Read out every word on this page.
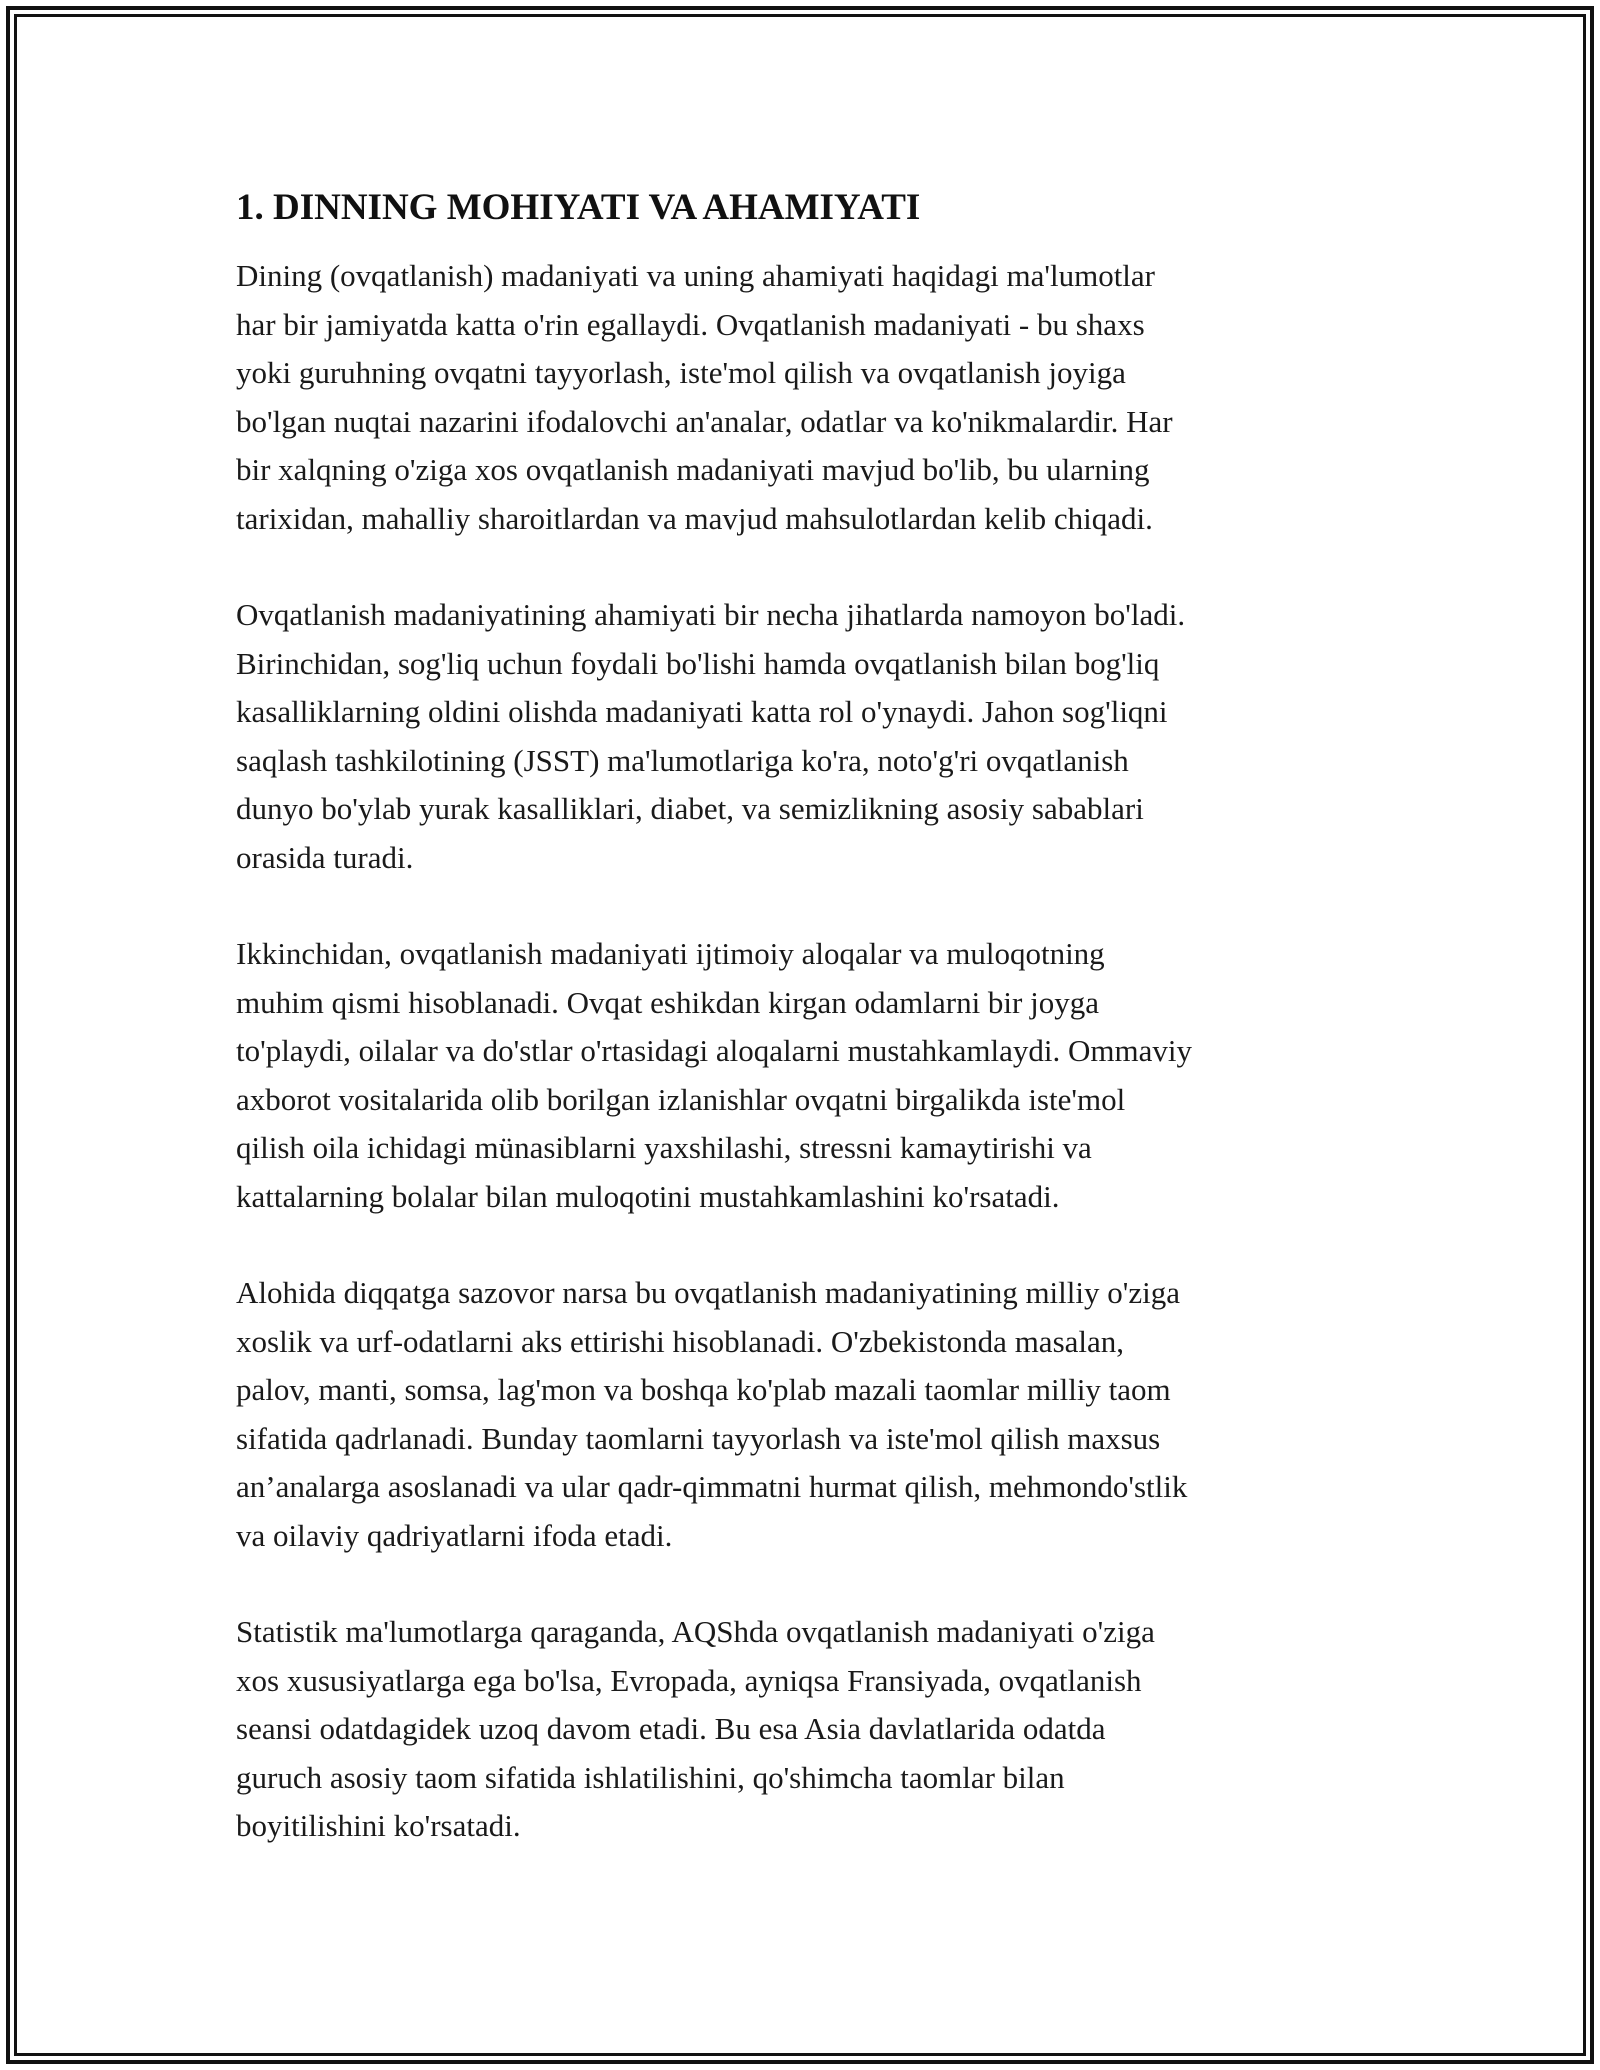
1. DINNING MOHIYATI VA AHAMIYATI
Dining (ovqatlanish) madaniyati va uning ahamiyati haqidagi ma'lumotlar
har bir jamiyatda katta o'rin egallaydi. Ovqatlanish madaniyati - bu shaxs
yoki guruhning ovqatni tayyorlash, iste'mol qilish va ovqatlanish joyiga
bo'lgan nuqtai nazarini ifodalovchi an'analar, odatlar va ko'nikmalardir. Har
bir xalqning o'ziga xos ovqatlanish madaniyati mavjud bo'lib, bu ularning
tarixidan, mahalliy sharoitlardan va mavjud mahsulotlardan kelib chiqadi.
Ovqatlanish madaniyatining ahamiyati bir necha jihatlarda namoyon bo'ladi.
Birinchidan, sog'liq uchun foydali bo'lishi hamda ovqatlanish bilan bog'liq
kasalliklarning oldini olishda madaniyati katta rol o'ynaydi. Jahon sog'liqni
saqlash tashkilotining (JSST) ma'lumotlariga ko'ra, noto'g'ri ovqatlanish
dunyo bo'ylab yurak kasalliklari, diabet, va semizlikning asosiy sabablari
orasida turadi.
Ikkinchidan, ovqatlanish madaniyati ijtimoiy aloqalar va muloqotning
muhim qismi hisoblanadi. Ovqat eshikdan kirgan odamlarni bir joyga
to'playdi, oilalar va do'stlar o'rtasidagi aloqalarni mustahkamlaydi. Ommaviy
axborot vositalarida olib borilgan izlanishlar ovqatni birgalikda iste'mol
qilish oila ichidagi münasiblarni yaxshilashi, stressni kamaytirishi va
kattalarning bolalar bilan muloqotini mustahkamlashini ko'rsatadi.
Alohida diqqatga sazovor narsa bu ovqatlanish madaniyatining milliy o'ziga
xoslik va urf-odatlarni aks ettirishi hisoblanadi. O'zbekistonda masalan,
palov, manti, somsa, lag'mon va boshqa ko'plab mazali taomlar milliy taom
sifatida qadrlanadi. Bunday taomlarni tayyorlash va iste'mol qilish maxsus
an’analarga asoslanadi va ular qadr-qimmatni hurmat qilish, mehmondo'stlik
va oilaviy qadriyatlarni ifoda etadi.
Statistik ma'lumotlarga qaraganda, AQShda ovqatlanish madaniyati o'ziga
xos xususiyatlarga ega bo'lsa, Evropada, ayniqsa Fransiyada, ovqatlanish
seansi odatdagidek uzoq davom etadi. Bu esa Asia davlatlarida odatda
guruch asosiy taom sifatida ishlatilishini, qo'shimcha taomlar bilan
boyitilishini ko'rsatadi.
